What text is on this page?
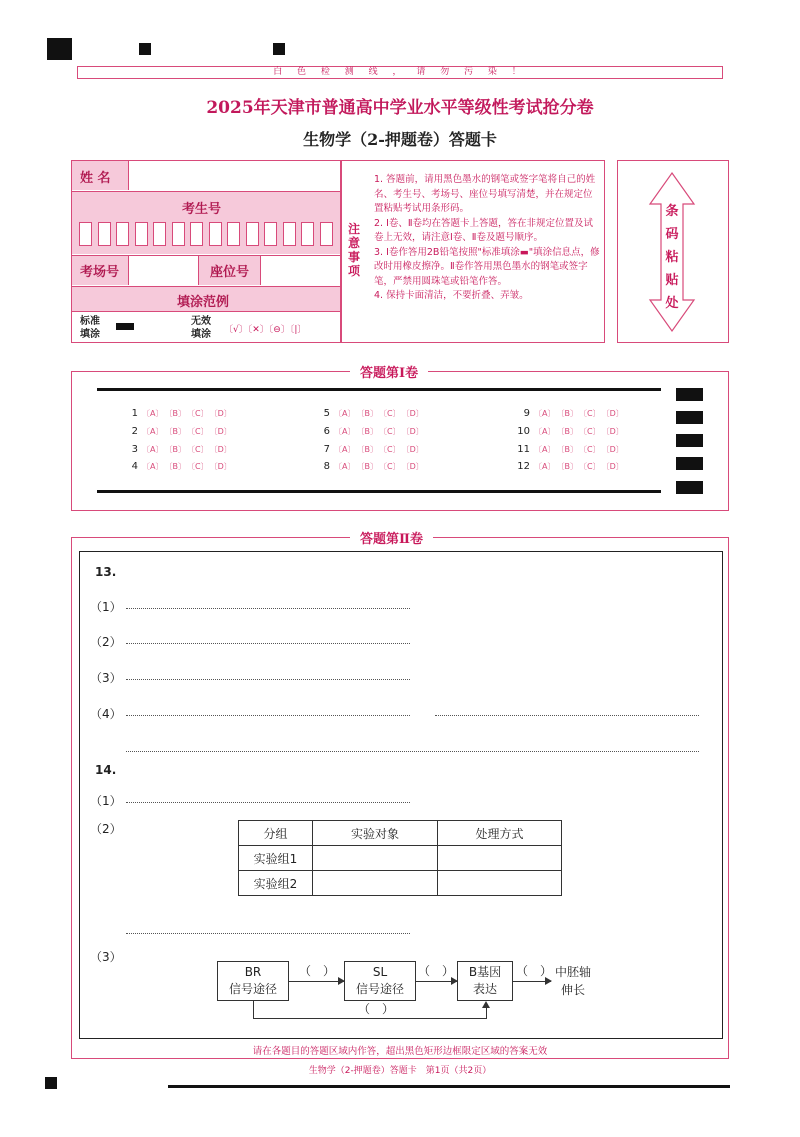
白 色 检 测 线 ， 请 勿 污 染 ！
2025年天津市普通高中学业水平等级性考试抢分卷
生物学（2-押题卷）答题卡
姓 名
考生号
考场号	座位号
填涂范例
标准
填涂
无效
填涂 〔√〕〔✕〕〔⊖〕〔|〕
注
意
事
项
1. 答题前，请用黑色墨水的钢笔或签字笔将自己的姓名、考生号、考场号、座位号填写清楚，并在规定位置粘贴考试用条形码。
2. Ⅰ卷、Ⅱ卷均在答题卡上答题，答在非规定位置及试卷上无效，请注意Ⅰ卷、Ⅱ卷及题号顺序。
3. Ⅰ卷作答用2B铅笔按照"标准填涂▬"填涂信息点，修改时用橡皮擦净。Ⅱ卷作答用黑色墨水的钢笔或签字笔，严禁用圆珠笔或铅笔作答。
4. 保持卡面清洁，不要折叠、弄皱。
条
码
粘
贴
处
答题第Ⅰ卷
1 〔A〕 〔B〕 〔C〕 〔D〕
2 〔A〕 〔B〕 〔C〕 〔D〕
3 〔A〕 〔B〕 〔C〕 〔D〕
4 〔A〕 〔B〕 〔C〕 〔D〕
5 〔A〕 〔B〕 〔C〕 〔D〕
6 〔A〕 〔B〕 〔C〕 〔D〕
7 〔A〕 〔B〕 〔C〕 〔D〕
8 〔A〕 〔B〕 〔C〕 〔D〕
9 〔A〕 〔B〕 〔C〕 〔D〕
10 〔A〕 〔B〕 〔C〕 〔D〕
11 〔A〕 〔B〕 〔C〕 〔D〕
12 〔A〕 〔B〕 〔C〕 〔D〕
答题第Ⅱ卷
13.
（1）
（2）
（3）
（4）
14.
（1）
（2）	分组	实验对象	处理方式
实验组1		
实验组2		
（3）
BR
信号途径
SL
信号途径
B基因
表达
中胚轴
伸长
（　）	（　）	（　）
（　）
请在各题目的答题区域内作答，超出黑色矩形边框限定区域的答案无效
生物学（2-押题卷）答题卡　第1页（共2页）
